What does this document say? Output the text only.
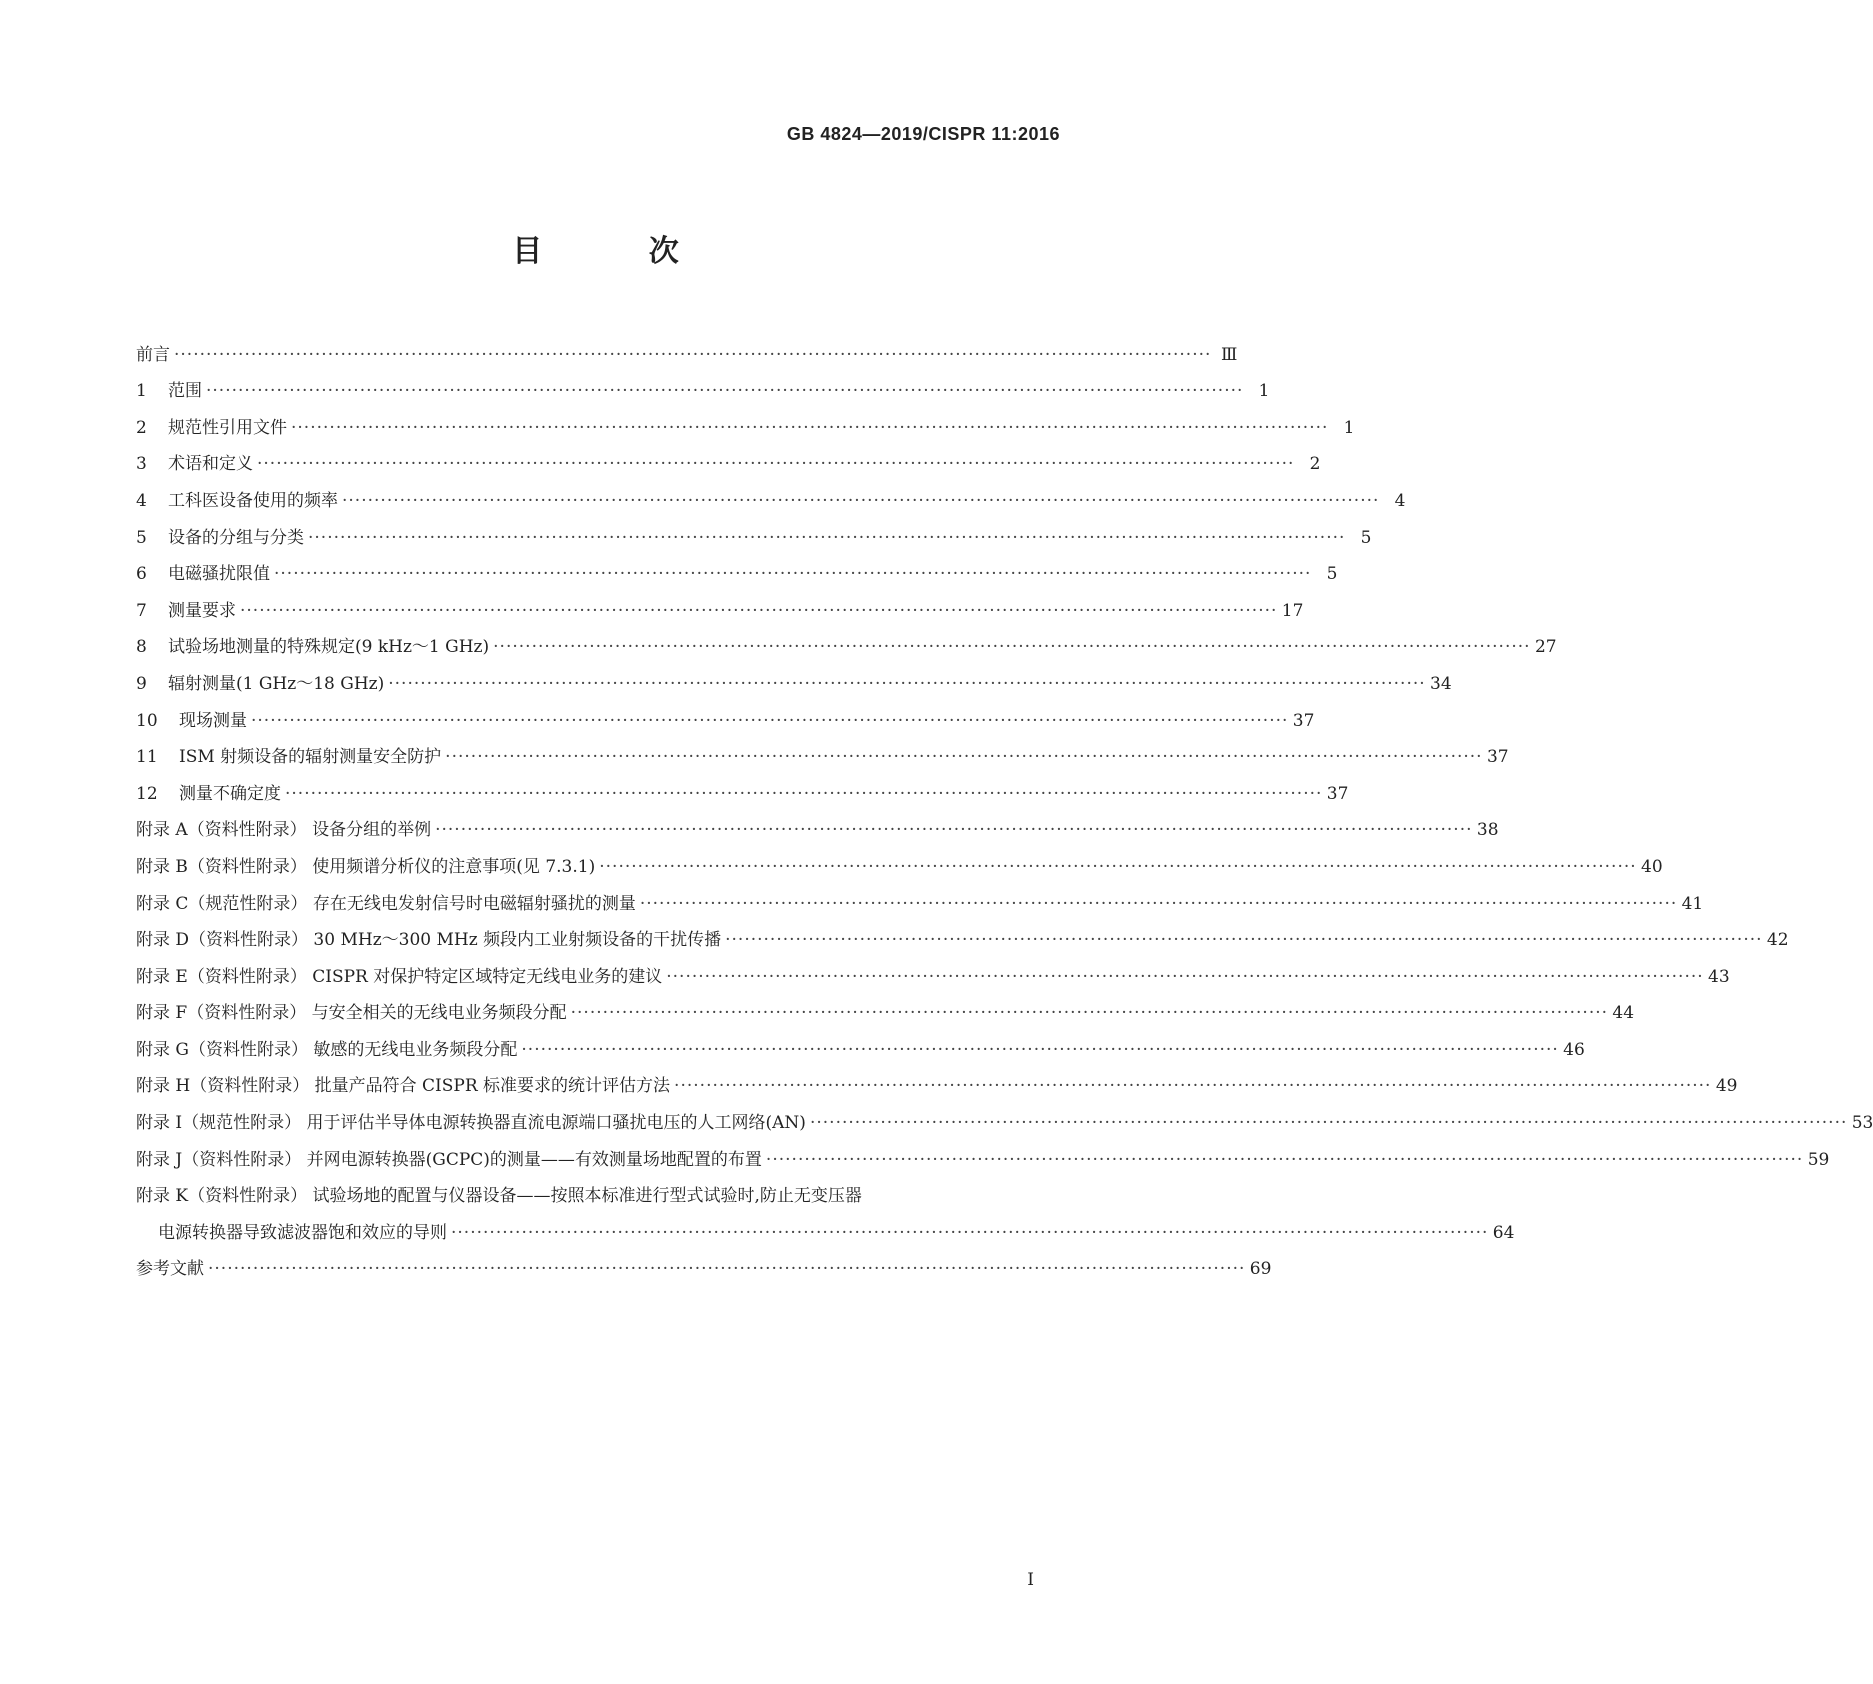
GB 4824—2019/CISPR 11:2016
目 次
前言 ·····	Ⅲ
1	范围 ·····	1
2	规范性引用文件 ·····	1
3	术语和定义 ·····	2
4	工科医设备使用的频率 ·····	4
5	设备的分组与分类 ·····	5
6	电磁骚扰限值 ·····	5
7	测量要求 ·····	17
8	试验场地测量的特殊规定(9 kHz～1 GHz) ·····	27
9	辐射测量(1 GHz～18 GHz) ·····	34
10	现场测量 ·····	37
11	ISM 射频设备的辐射测量安全防护 ·····	37
12	测量不确定度 ·····	37
附录 A（资料性附录） 设备分组的举例 ·····	38
附录 B（资料性附录） 使用频谱分析仪的注意事项(见 7.3.1) ·····	40
附录 C（规范性附录） 存在无线电发射信号时电磁辐射骚扰的测量 ·····	41
附录 D（资料性附录） 30 MHz～300 MHz 频段内工业射频设备的干扰传播 ·····	42
附录 E（资料性附录） CISPR 对保护特定区域特定无线电业务的建议 ·····	43
附录 F（资料性附录） 与安全相关的无线电业务频段分配 ·····	44
附录 G（资料性附录） 敏感的无线电业务频段分配 ·····	46
附录 H（资料性附录） 批量产品符合 CISPR 标准要求的统计评估方法 ·····	49
附录 I（规范性附录） 用于评估半导体电源转换器直流电源端口骚扰电压的人工网络(AN) ·····	53
附录 J（资料性附录） 并网电源转换器(GCPC)的测量——有效测量场地配置的布置 ·····	59
附录 K（资料性附录） 试验场地的配置与仪器设备——按照本标准进行型式试验时,防止无变压器
电源转换器导致滤波器饱和效应的导则 ·····	64
参考文献 ·····	69
I
